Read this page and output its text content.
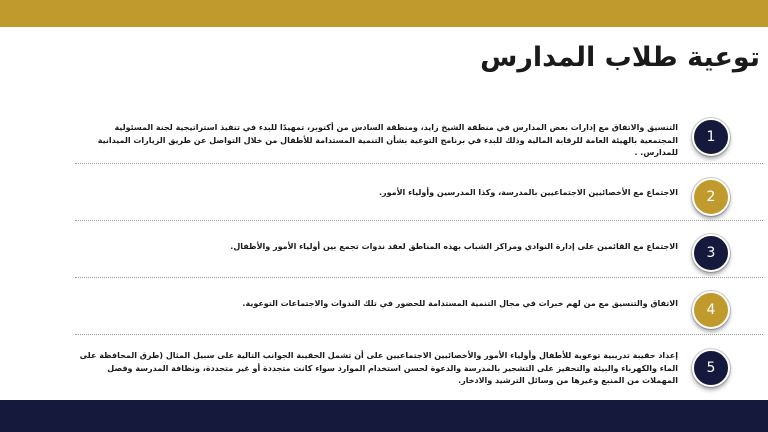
توعية طلاب المدارس
1
التنسيق والاتفاق مع إدارات بعض المدارس في منطقة الشيخ زايد، ومنطقة السادس من أكتوبر، تمهيدًا للبدء في تنفيذ استراتيجية لجنة المسئولية المجتمعية بالهيئة العامة للرقابة المالية وذلك للبدء في برنامج التوعية بشأن التنمية المستدامة للأطفال من خلال التواصل عن طريق الزيارات الميدانية للمدارس. .
2
الاجتماع مع الأخصائيين الاجتماعيين بالمدرسة، وكذا المدرسين وأولياء الأمور.
3
الاجتماع مع القائمين على إدارة النوادي ومراكز الشباب بهذه المناطق لعقد ندوات تجمع بين أولياء الأمور والأطفال.
4
الاتفاق والتنسيق مع من لهم خبرات في مجال التنمية المستدامة للحضور في تلك الندوات والاجتماعات التوعوية.
5
إعداد حقيبة تدريبية توعوية للأطفال وأولياء الأمور والأخصائيين الاجتماعيين على أن تشمل الحقيبة الجوانب التالية على سبيل المثال (طرق المحافظة على الماء والكهرباء والبيئة والتحفيز على التشجير بالمدرسة والدعوة لحسن استخدام الموارد سواء كانت متجددة أو غير متجددة، ونظافة المدرسة وفصل المهملات من المنبع وغيرها من وسائل الترشيد والادخار.
